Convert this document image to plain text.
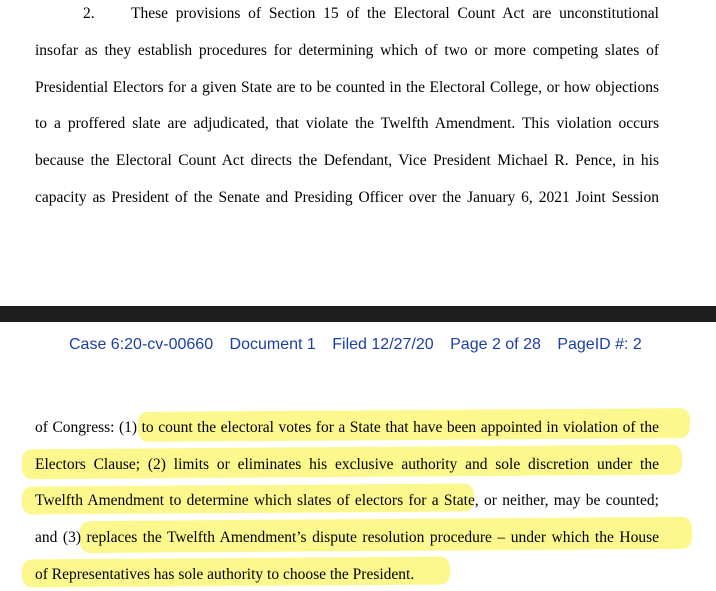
2. These provisions of Section 15 of the Electoral Count Act are unconstitutional
insofar as they establish procedures for determining which of two or more competing slates of
Presidential Electors for a given State are to be counted in the Electoral College, or how objections
to a proffered slate are adjudicated, that violate the Twelfth Amendment. This violation occurs
because the Electoral Count Act directs the Defendant, Vice President Michael R. Pence, in his
capacity as President of the Senate and Presiding Officer over the January 6, 2021 Joint Session
Case 6:20-cv-00660 Document 1 Filed 12/27/20 Page 2 of 28 PageID #: 2
of Congress: (1) to count the electoral votes for a State that have been appointed in violation of the
Electors Clause; (2) limits or eliminates his exclusive authority and sole discretion under the
Twelfth Amendment to determine which slates of electors for a State, or neither, may be counted;
and (3) replaces the Twelfth Amendment’s dispute resolution procedure – under which the House
of Representatives has sole authority to choose the President.
